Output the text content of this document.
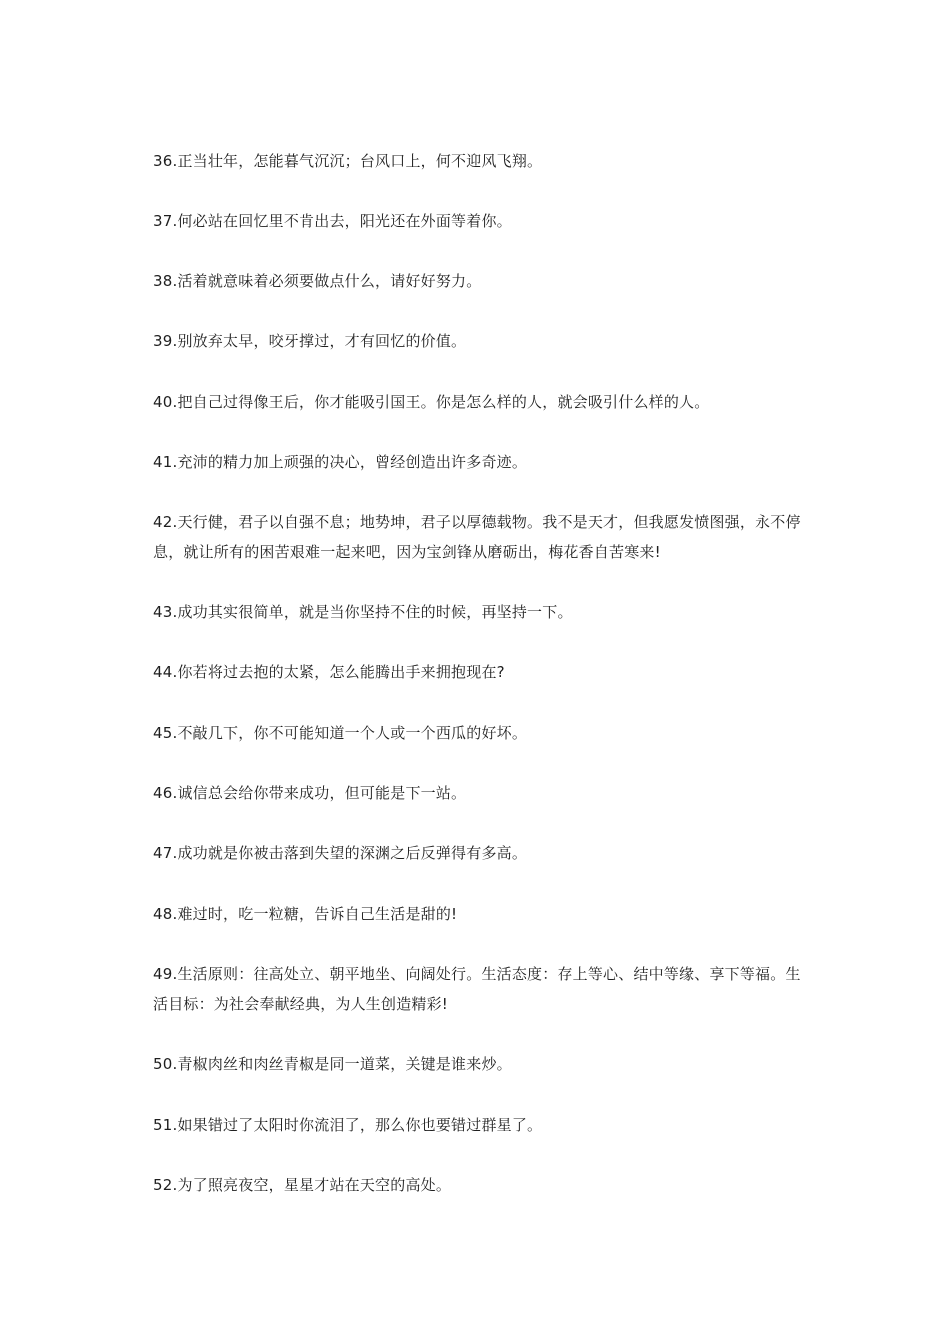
36.正当壮年，怎能暮气沉沉；台风口上，何不迎风飞翔。

37.何必站在回忆里不肯出去，阳光还在外面等着你。

38.活着就意味着必须要做点什么，请好好努力。

39.别放弃太早，咬牙撑过，才有回忆的价值。

40.把自己过得像王后，你才能吸引国王。你是怎么样的人，就会吸引什么样的人。

41.充沛的精力加上顽强的决心，曾经创造出许多奇迹。

42.天行健，君子以自强不息；地势坤，君子以厚德载物。我不是天才，但我愿发愤图强，永不停息，就让所有的困苦艰难一起来吧，因为宝剑锋从磨砺出，梅花香自苦寒来!

43.成功其实很简单，就是当你坚持不住的时候，再坚持一下。

44.你若将过去抱的太紧，怎么能腾出手来拥抱现在?

45.不敲几下，你不可能知道一个人或一个西瓜的好坏。

46.诚信总会给你带来成功，但可能是下一站。

47.成功就是你被击落到失望的深渊之后反弹得有多高。

48.难过时，吃一粒糖，告诉自己生活是甜的!

49.生活原则：往高处立、朝平地坐、向阔处行。生活态度：存上等心、结中等缘、享下等福。生活目标：为社会奉献经典，为人生创造精彩!

50.青椒肉丝和肉丝青椒是同一道菜，关键是谁来炒。

51.如果错过了太阳时你流泪了，那么你也要错过群星了。

52.为了照亮夜空，星星才站在天空的高处。
